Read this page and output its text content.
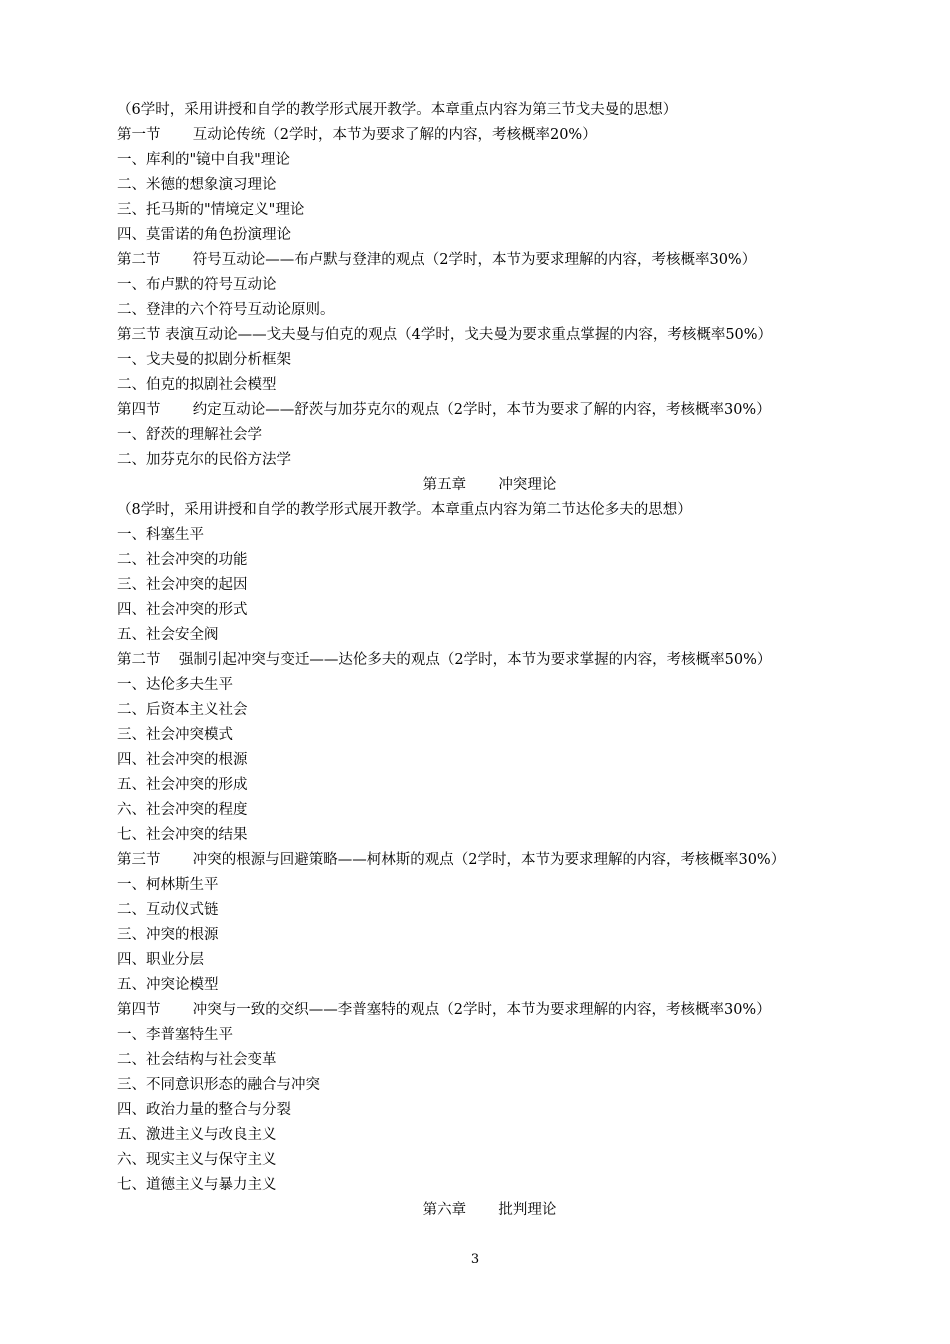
（6学时，采用讲授和自学的教学形式展开教学。本章重点内容为第三节戈夫曼的思想）
第一节       互动论传统（2学时，本节为要求了解的内容，考核概率20%）
一、库利的"镜中自我"理论
二、米德的想象演习理论
三、托马斯的"情境定义"理论
四、莫雷诺的角色扮演理论
第二节       符号互动论——布卢默与登津的观点（2学时，本节为要求理解的内容，考核概率30%）
一、布卢默的符号互动论
二、登津的六个符号互动论原则。
第三节 表演互动论——戈夫曼与伯克的观点（4学时，戈夫曼为要求重点掌握的内容，考核概率50%）
一、戈夫曼的拟剧分析框架
二、伯克的拟剧社会模型
第四节       约定互动论——舒茨与加芬克尔的观点（2学时，本节为要求了解的内容，考核概率30%）
一、舒茨的理解社会学
二、加芬克尔的民俗方法学
第五章       冲突理论
（8学时，采用讲授和自学的教学形式展开教学。本章重点内容为第二节达伦多夫的思想）
一、科塞生平
二、社会冲突的功能
三、社会冲突的起因
四、社会冲突的形式
五、社会安全阀
第二节    强制引起冲突与变迁——达伦多夫的观点（2学时，本节为要求掌握的内容，考核概率50%）
一、达伦多夫生平
二、后资本主义社会
三、社会冲突模式
四、社会冲突的根源
五、社会冲突的形成
六、社会冲突的程度
七、社会冲突的结果
第三节       冲突的根源与回避策略——柯林斯的观点（2学时，本节为要求理解的内容，考核概率30%）
一、柯林斯生平
二、互动仪式链
三、冲突的根源
四、职业分层
五、冲突论模型
第四节       冲突与一致的交织——李普塞特的观点（2学时，本节为要求理解的内容，考核概率30%）
一、李普塞特生平
二、社会结构与社会变革
三、不同意识形态的融合与冲突
四、政治力量的整合与分裂
五、激进主义与改良主义
六、现实主义与保守主义
七、道德主义与暴力主义
第六章       批判理论
3
